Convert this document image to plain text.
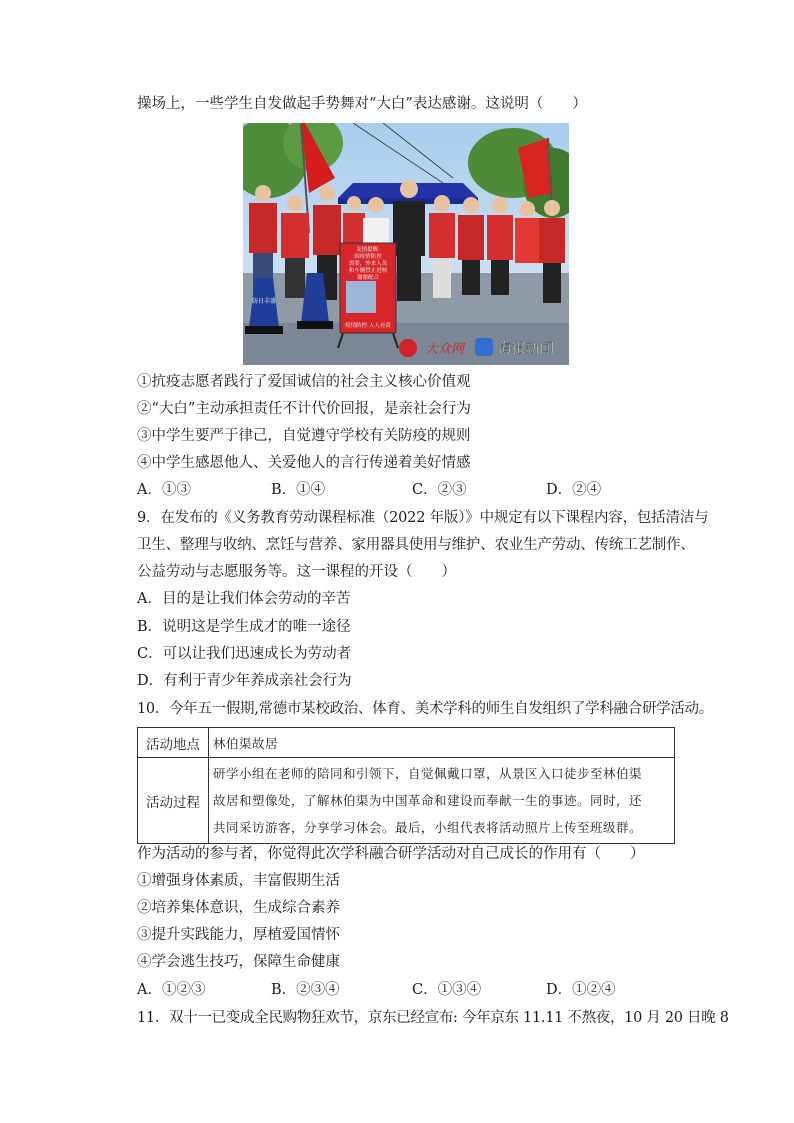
操场上，一些学生自发做起手势舞对“大白”表达感谢。这说明（　　）
防日丰盛
友情提醒:
因疫情防控
需要，外来人员
和车辆禁止进校
谢谢配合
疫情防控 人人有责
大众网 海报新闻
①抗疫志愿者践行了爱国诚信的社会主义核心价值观
②“大白”主动承担责任不计代价回报，是亲社会行为
③中学生要严于律己，自觉遵守学校有关防疫的规则
④中学生感恩他人、关爱他人的言行传递着美好情感
A．①③	B．①④	C．②③	D．②④
9．在发布的《义务教育劳动课程标准（2022 年版）》中规定有以下课程内容，包括清洁与
卫生、整理与收纳、烹饪与营养、家用器具使用与维护、农业生产劳动、传统工艺制作、
公益劳动与志愿服务等。这一课程的开设（　　）
A．目的是让我们体会劳动的辛苦
B．说明这是学生成才的唯一途径
C．可以让我们迅速成长为劳动者
D．有利于青少年养成亲社会行为
10．今年五一假期,常德市某校政治、体育、美术学科的师生自发组织了学科融合研学活动。
活动地点	林伯渠故居
活动过程	研学小组在老师的陪同和引领下，自觉佩戴口罩，从景区入口徒步至林伯渠
故居和塑像处，了解林伯渠为中国革命和建设而奉献一生的事迹。同时，还
共同采访游客，分享学习体会。最后，小组代表将活动照片上传至班级群。
作为活动的参与者，你觉得此次学科融合研学活动对自己成长的作用有（　　）
①增强身体素质，丰富假期生活
②培养集体意识，生成综合素养
③提升实践能力，厚植爱国情怀
④学会逃生技巧，保障生命健康
A．①②③	B．②③④	C．①③④	D．①②④
11．双十一已变成全民购物狂欢节，京东已经宣布: 今年京东 11.11 不熬夜，10 月 20 日晚 8
